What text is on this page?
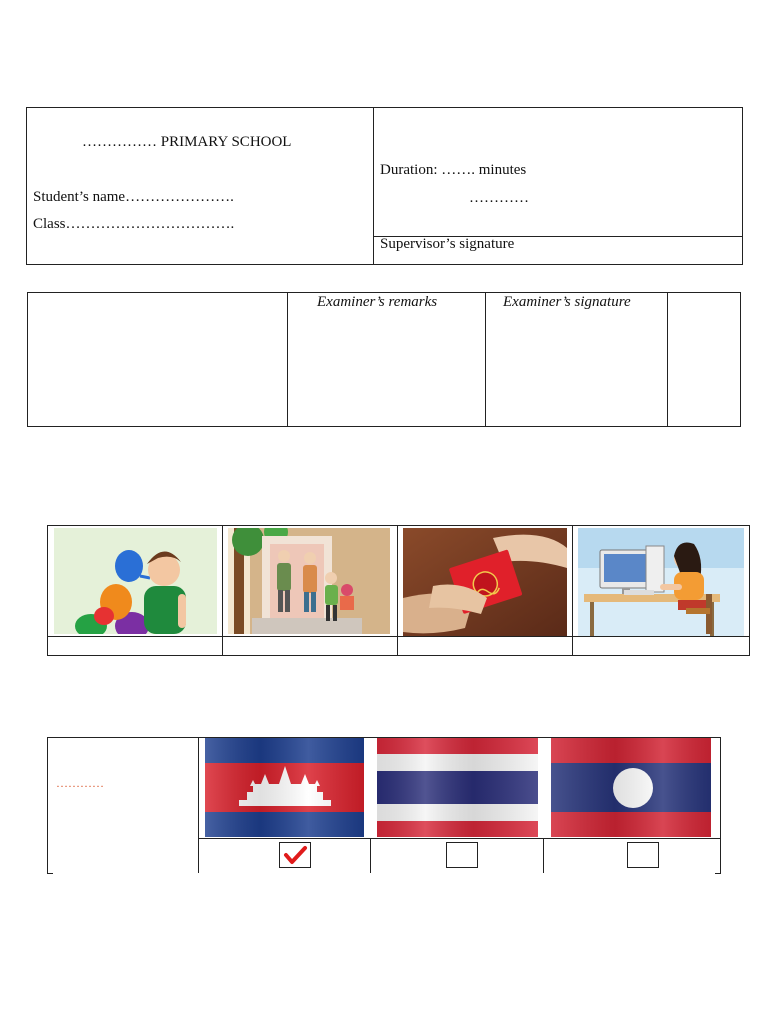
…………… PRIMARY SCHOOL
Student’s name………………….
Class…………………………….
Duration: ……. minutes
…………
Supervisor’s signature
Examiner’s remarks	Examiner’s signature
…………
